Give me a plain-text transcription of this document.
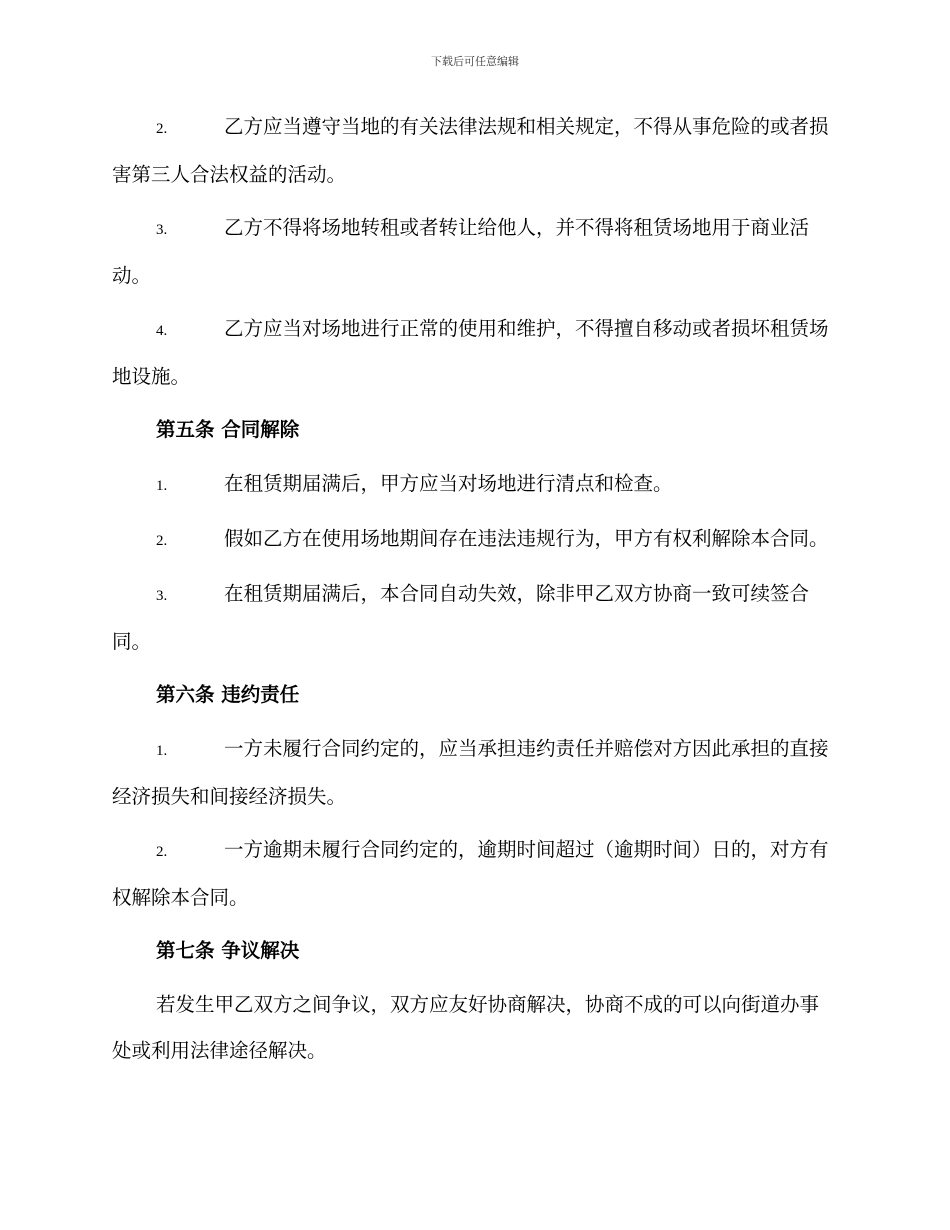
下载后可任意编辑

2.	乙方应当遵守当地的有关法律法规和相关规定，不得从事危险的或者损害第三人合法权益的活动。

3.	乙方不得将场地转租或者转让给他人，并不得将租赁场地用于商业活动。

4.	乙方应当对场地进行正常的使用和维护，不得擅自移动或者损坏租赁场地设施。

第五条 合同解除

1.	在租赁期届满后，甲方应当对场地进行清点和检查。

2.	假如乙方在使用场地期间存在违法违规行为，甲方有权利解除本合同。

3.	在租赁期届满后，本合同自动失效，除非甲乙双方协商一致可续签合同。

第六条 违约责任

1.	一方未履行合同约定的，应当承担违约责任并赔偿对方因此承担的直接经济损失和间接经济损失。

2.	一方逾期未履行合同约定的，逾期时间超过（逾期时间）日的，对方有权解除本合同。

第七条 争议解决

若发生甲乙双方之间争议，双方应友好协商解决，协商不成的可以向街道办事处或利用法律途径解决。
